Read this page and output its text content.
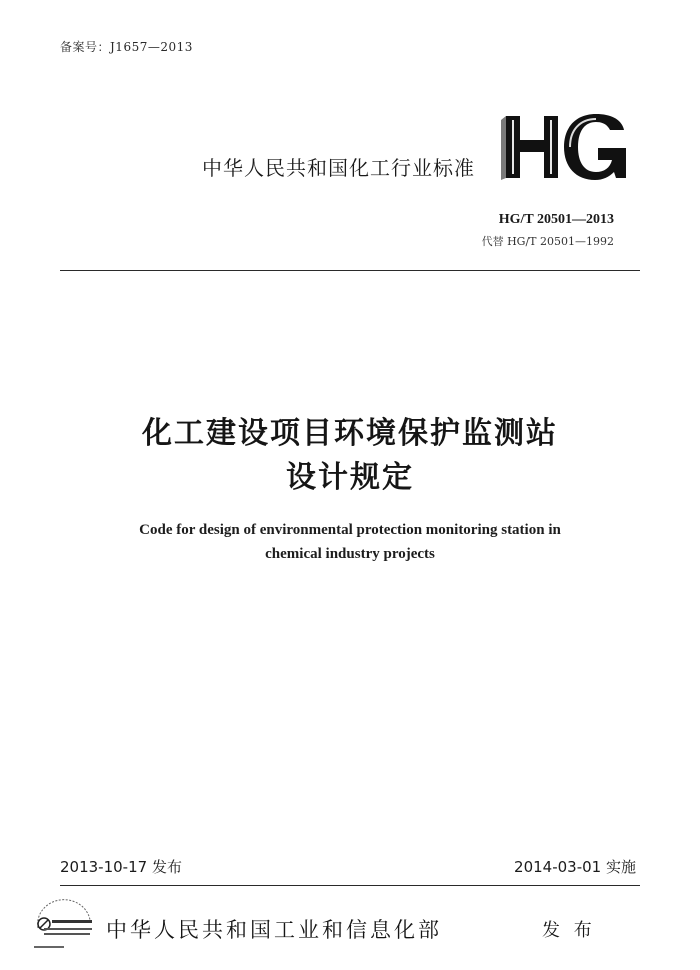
备案号：J1657—2013
中华人民共和国化工行业标准
HG/T 20501—2013
代替 HG/T 20501—1992
化工建设项目环境保护监测站
设计规定
Code for design of environmental protection monitoring station in
chemical industry projects
2013-10-17 发布	2014-03-01 实施
中华人民共和国工业和信息化部	发 布
